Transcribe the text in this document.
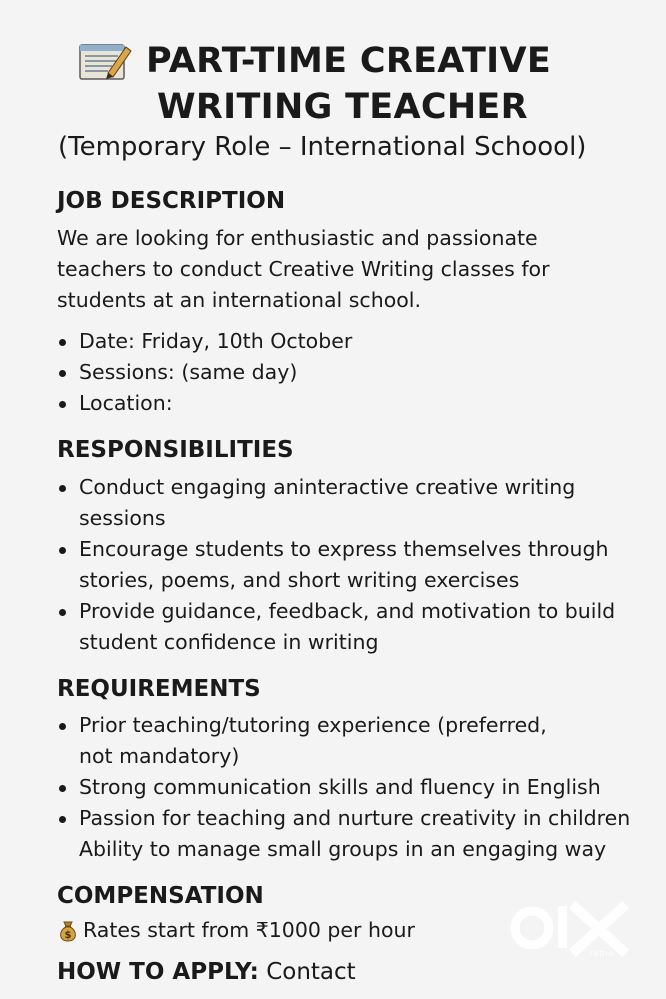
PART-TIME CREATIVE
WRITING TEACHER
(Temporary Role – International Schoool)
JOB DESCRIPTION
We are looking for enthusiastic and passionate
teachers to conduct Creative Writing classes for
students at an international school.
Date: Friday, 10th October
Sessions: (same day)
Location:
RESPONSIBILITIES
Conduct engaging aninteractive creative writing
sessions
Encourage students to express themselves through
stories, poems, and short writing exercises
Provide guidance, feedback, and motivation to build
student confidence in writing
REQUIREMENTS
Prior teaching/tutoring experience (preferred,
not mandatory)
Strong communication skills and fluency in English
Passion for teaching and nurture creativity in children
Ability to manage small groups in an engaging way
COMPENSATION
$ Rates start from ₹1000 per hour
HOW TO APPLY: Contact
INDIA
